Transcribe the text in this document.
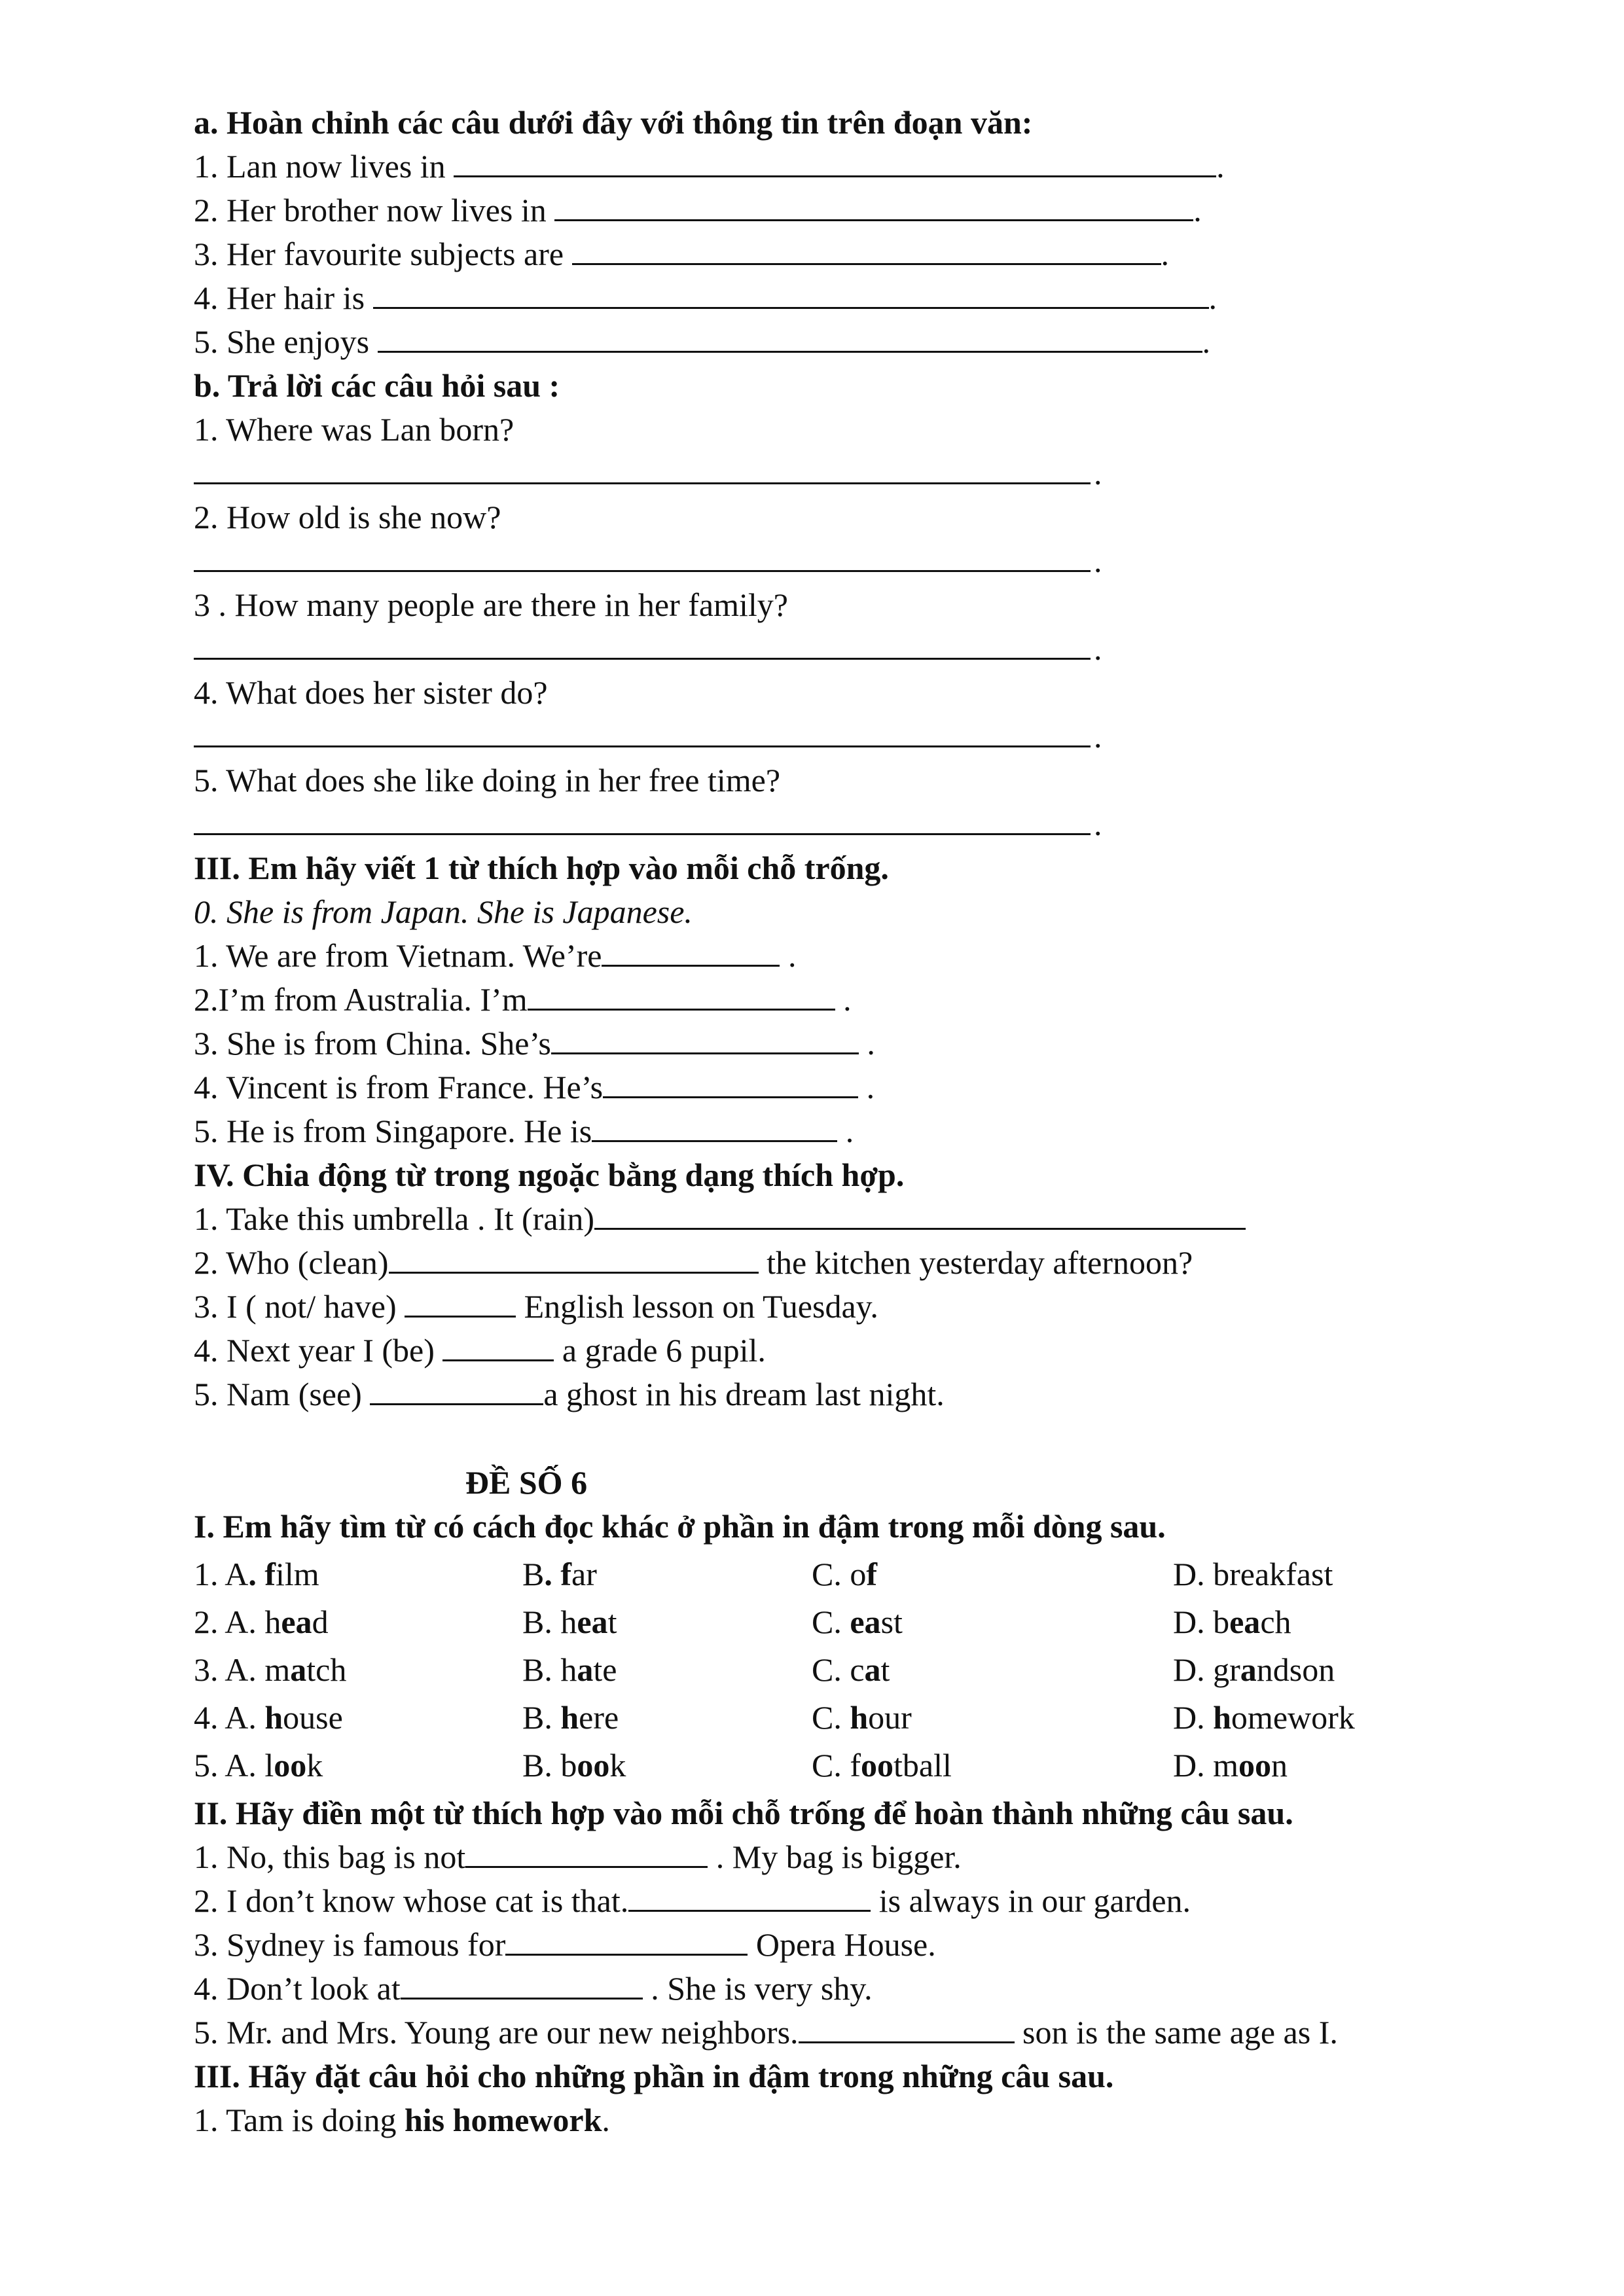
a. Hoàn chỉnh các câu dưới đây với thông tin trên đoạn văn:
1. Lan now lives in	.
2. Her brother now lives in	.
3. Her favourite subjects are	.
4. Her hair is	.
5. She enjoys	.
b. Trả lời các câu hỏi sau :
1. Where was Lan born?
.
2. How old is she now?
.
3 . How many people are there in her family?
.
4. What does her sister do?
.
5. What does she like doing in her free time?
.
III. Em hãy viết 1 từ thích hợp vào mỗi chỗ trống.
0. She is from Japan. She is Japanese.
1. We are from Vietnam. We’re	.
2.I’m from Australia. I’m	.
3. She is from China. She’s	.
4. Vincent is from France. He’s	.
5. He is from Singapore. He is	.
IV. Chia động từ trong ngoặc bằng dạng thích hợp.
1. Take this umbrella . It (rain)
2. Who (clean)	the kitchen yesterday afternoon?
3. I ( not/ have)	English lesson on Tuesday.
4. Next year I (be)	a grade 6 pupil.
5. Nam (see)	a ghost in his dream last night.
ĐỀ SỐ 6
I. Em hãy tìm từ có cách đọc khác ở phần in đậm trong mỗi dòng sau.
1. A. film	B. far	C. of	D. breakfast
2. A. head	B. heat	C. east	D. beach
3. A. match	B. hate	C. cat	D. grandson
4. A. house	B. here	C. hour	D. homework
5. A. look	B. book	C. football	D. moon
II. Hãy điền một từ thích hợp vào mỗi chỗ trống để hoàn thành những câu sau.
1. No, this bag is not	. My bag is bigger.
2. I don’t know whose cat is that.	is always in our garden.
3. Sydney is famous for	Opera House.
4. Don’t look at	. She is very shy.
5. Mr. and Mrs. Young are our new neighbors.	son is the same age as I.
III. Hãy đặt câu hỏi cho những phần in đậm trong những câu sau.
1. Tam is doing his homework.
